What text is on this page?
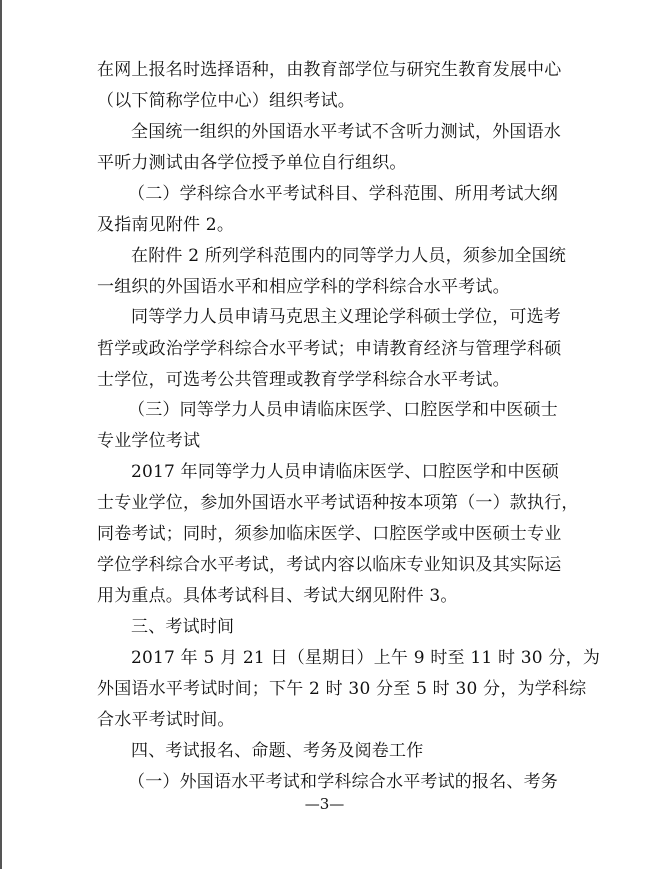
在网上报名时选择语种，由教育部学位与研究生教育发展中心
（以下简称学位中心）组织考试。
全国统一组织的外国语水平考试不含听力测试，外国语水
平听力测试由各学位授予单位自行组织。
（二）学科综合水平考试科目、学科范围、所用考试大纲
及指南见附件 2。
在附件 2 所列学科范围内的同等学力人员，须参加全国统
一组织的外国语水平和相应学科的学科综合水平考试。
同等学力人员申请马克思主义理论学科硕士学位，可选考
哲学或政治学学科综合水平考试；申请教育经济与管理学科硕
士学位，可选考公共管理或教育学学科综合水平考试。
（三）同等学力人员申请临床医学、口腔医学和中医硕士
专业学位考试
2017 年同等学力人员申请临床医学、口腔医学和中医硕
士专业学位，参加外国语水平考试语种按本项第（一）款执行，
同卷考试；同时，须参加临床医学、口腔医学或中医硕士专业
学位学科综合水平考试，考试内容以临床专业知识及其实际运
用为重点。具体考试科目、考试大纲见附件 3。
三、考试时间
2017 年 5 月 21 日（星期日）上午 9 时至 11 时 30 分，为
外国语水平考试时间；下午 2 时 30 分至 5 时 30 分，为学科综
合水平考试时间。
四、考试报名、命题、考务及阅卷工作
（一）外国语水平考试和学科综合水平考试的报名、考务
—3—
